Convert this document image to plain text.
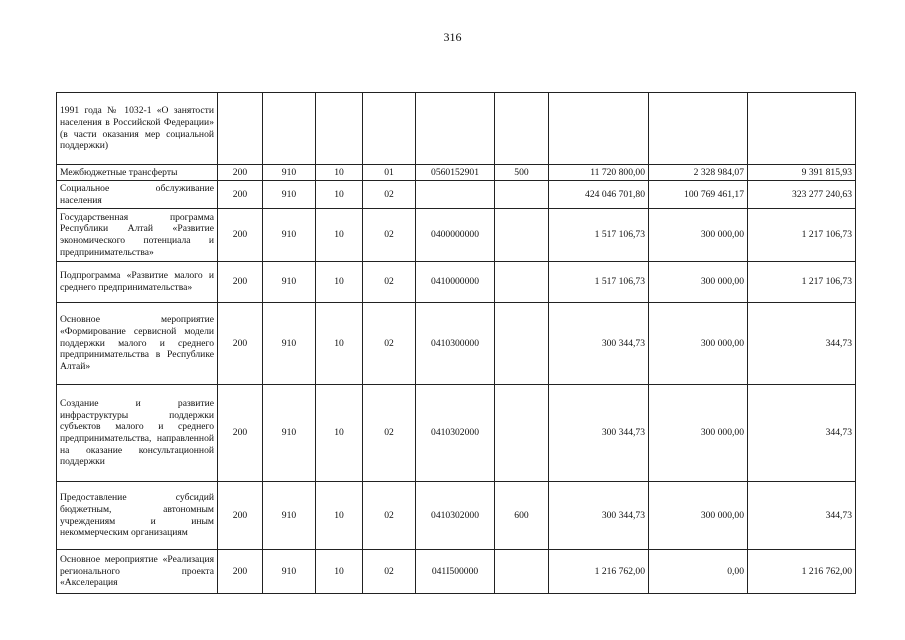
316
1991 года № 1032-1 «О занятости населения в Российской Федерации» (в части оказания мер социальной поддержки)									
Межбюджетные трансферты	200	910	10	01	0560152901	500	11 720 800,00	2 328 984,07	9 391 815,93
Социальное обслуживание населения	200	910	10	02			424 046 701,80	100 769 461,17	323 277 240,63
Государственная программа Республики Алтай «Развитие экономического потенциала и предпринимательства»	200	910	10	02	0400000000		1 517 106,73	300 000,00	1 217 106,73
Подпрограмма «Развитие малого и среднего предпринимательства»	200	910	10	02	0410000000		1 517 106,73	300 000,00	1 217 106,73
Основное мероприятие «Формирование сервисной модели поддержки малого и среднего предпринимательства в Республике Алтай»	200	910	10	02	0410300000		300 344,73	300 000,00	344,73
Создание и развитие инфраструктуры поддержки субъектов малого и среднего предпринимательства, направленной на оказание консультационной поддержки	200	910	10	02	0410302000		300 344,73	300 000,00	344,73
Предоставление субсидий бюджетным, автономным учреждениям и иным некоммерческим организациям	200	910	10	02	0410302000	600	300 344,73	300 000,00	344,73
Основное мероприятие «Реализация регионального проекта «Акселерация	200	910	10	02	041I500000		1 216 762,00	0,00	1 216 762,00
